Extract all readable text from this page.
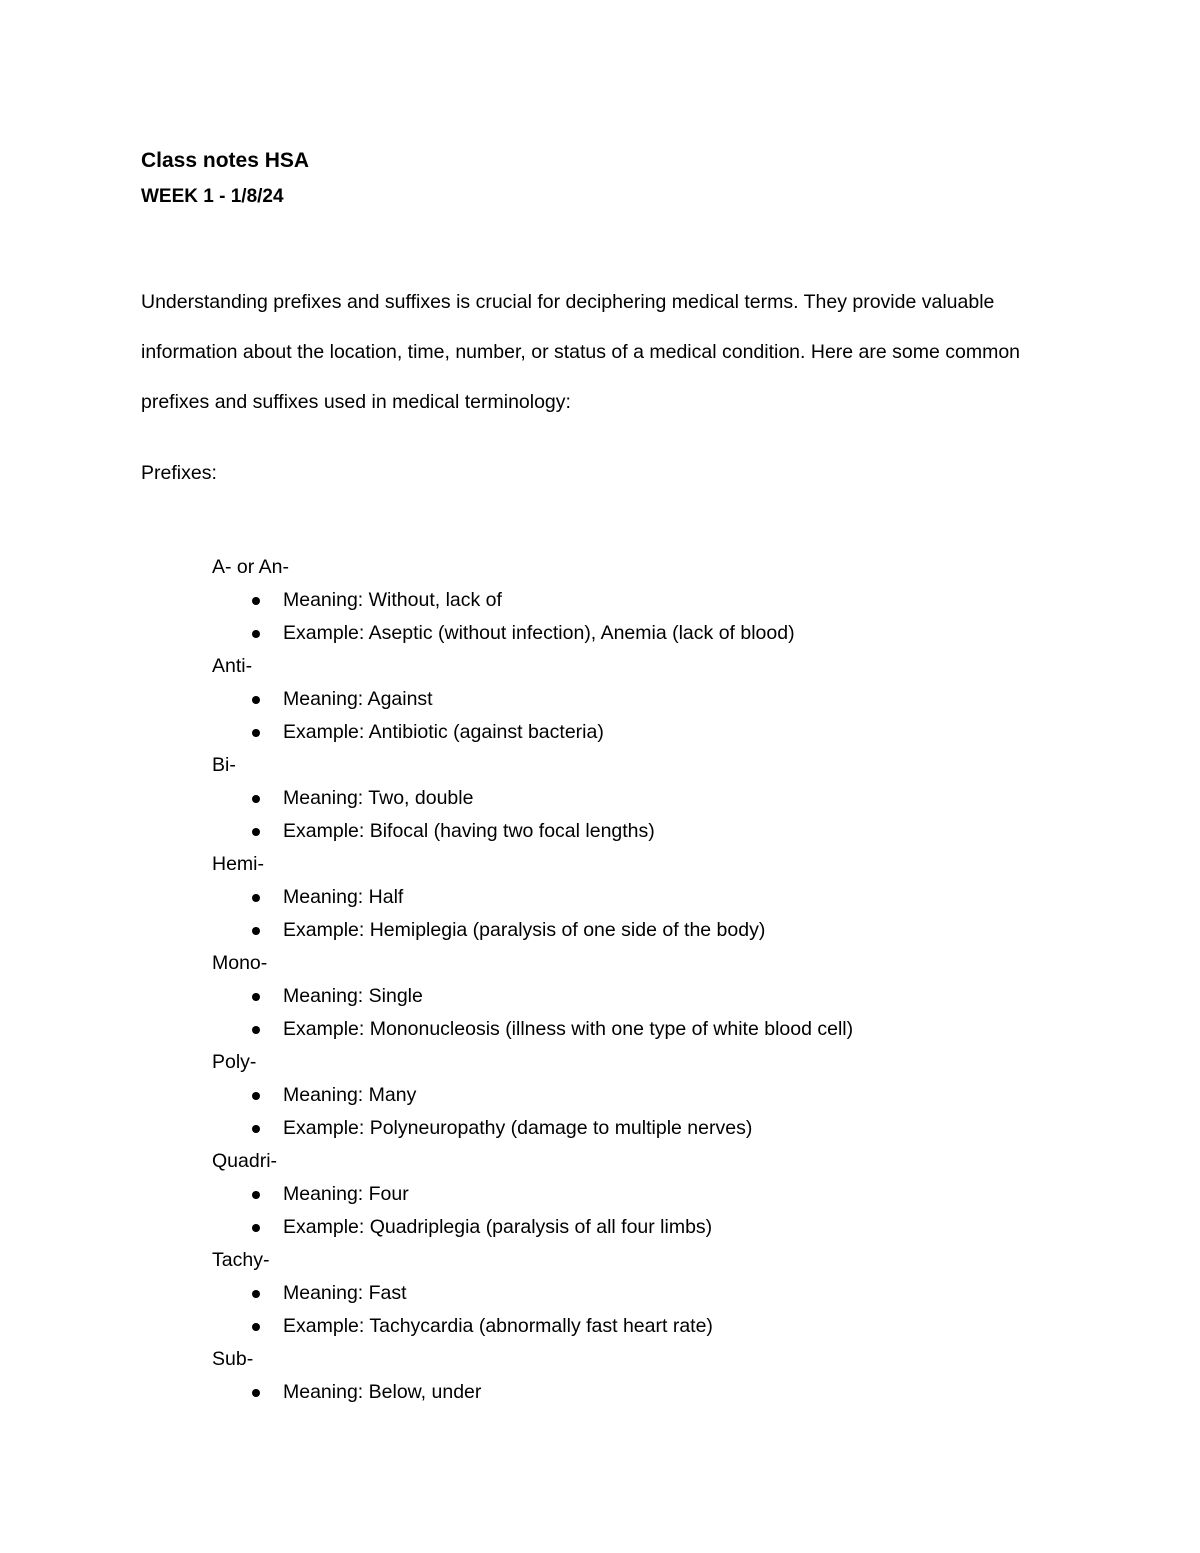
Class notes HSA
WEEK 1 - 1/8/24

Understanding prefixes and suffixes is crucial for deciphering medical terms. They provide valuable information about the location, time, number, or status of a medical condition. Here are some common prefixes and suffixes used in medical terminology:

Prefixes:
A- or An-
Meaning: Without, lack of
Example: Aseptic (without infection), Anemia (lack of blood)
Anti-
Meaning: Against
Example: Antibiotic (against bacteria)
Bi-
Meaning: Two, double
Example: Bifocal (having two focal lengths)
Hemi-
Meaning: Half
Example: Hemiplegia (paralysis of one side of the body)
Mono-
Meaning: Single
Example: Mononucleosis (illness with one type of white blood cell)
Poly-
Meaning: Many
Example: Polyneuropathy (damage to multiple nerves)
Quadri-
Meaning: Four
Example: Quadriplegia (paralysis of all four limbs)
Tachy-
Meaning: Fast
Example: Tachycardia (abnormally fast heart rate)
Sub-
Meaning: Below, under
